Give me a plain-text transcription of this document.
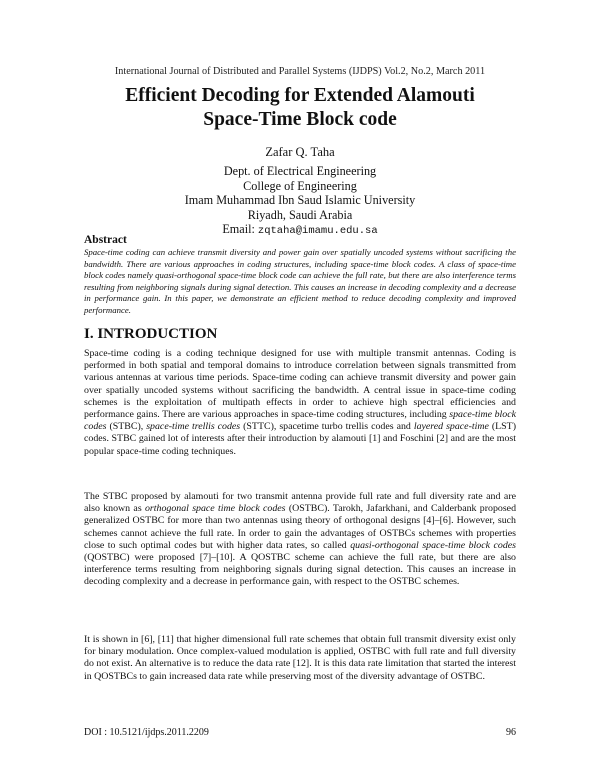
International Journal of Distributed and Parallel Systems (IJDPS) Vol.2, No.2, March 2011
Efficient Decoding for Extended Alamouti
Space-Time Block code
Zafar Q. Taha
Dept. of Electrical Engineering
College of Engineering
Imam Muhammad Ibn Saud Islamic University
Riyadh, Saudi Arabia
Email: zqtaha@imamu.edu.sa
Abstract

Space-time coding can achieve transmit diversity and power gain over spatially uncoded systems without sacrificing the bandwidth. There are various approaches in coding structures, including space-time block codes. A class of space-time block codes namely quasi-orthogonal space-time block code can achieve the full rate, but there are also interference terms resulting from neighboring signals during signal detection. This causes an increase in decoding complexity and a decrease in performance gain. In this paper, we demonstrate an efficient method to reduce decoding complexity and improved performance.

I. INTRODUCTION

Space-time coding is a coding technique designed for use with multiple transmit antennas. Coding is performed in both spatial and temporal domains to introduce correlation between signals transmitted from various antennas at various time periods. Space-time coding can achieve transmit diversity and power gain over spatially uncoded systems without sacrificing the bandwidth. A central issue in space-time coding schemes is the exploitation of multipath effects in order to achieve high spectral efficiencies and performance gains. There are various approaches in space-time coding structures, including space-time block codes (STBC), space-time trellis codes (STTC), spacetime turbo trellis codes and layered space-time (LST) codes. STBC gained lot of interests after their introduction by alamouti [1] and Foschini [2] and are the most popular space-time coding techniques.

The STBC proposed by alamouti for two transmit antenna provide full rate and full diversity rate and are also known as orthogonal space time block codes (OSTBC). Tarokh, Jafarkhani, and Calderbank proposed generalized OSTBC for more than two antennas using theory of orthogonal designs [4]–[6]. However, such schemes cannot achieve the full rate. In order to gain the advantages of OSTBCs schemes with properties close to such optimal codes but with higher data rates, so called quasi-orthogonal space-time block codes (QOSTBC) were proposed [7]–[10]. A QOSTBC scheme can achieve the full rate, but there are also interference terms resulting from neighboring signals during signal detection. This causes an increase in decoding complexity and a decrease in performance gain, with respect to the OSTBC schemes.

It is shown in [6], [11] that higher dimensional full rate schemes that obtain full transmit diversity exist only for binary modulation. Once complex-valued modulation is applied, OSTBC with full rate and full diversity do not exist. An alternative is to reduce the data rate [12]. It is this data rate limitation that started the interest in QOSTBCs to gain increased data rate while preserving most of the diversity advantage of OSTBC.

DOI : 10.5121/ijdps.2011.2209	96
